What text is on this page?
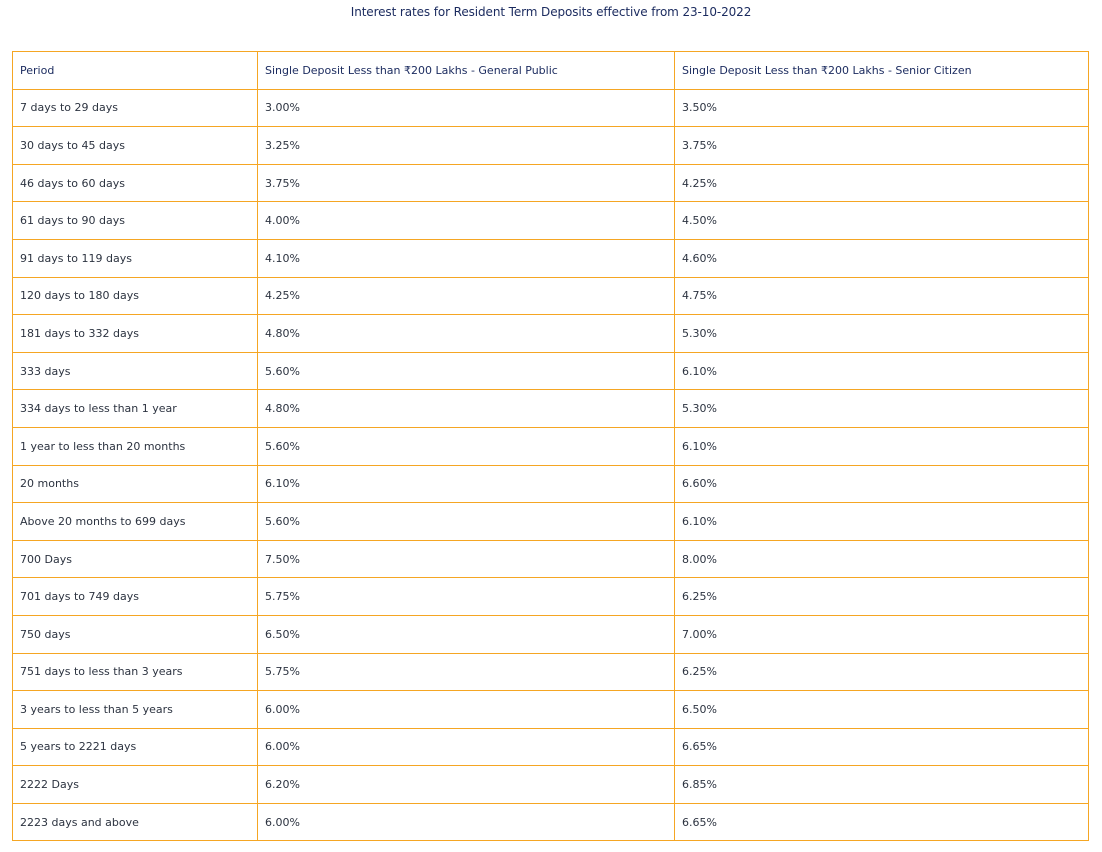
Interest rates for Resident Term Deposits effective from 23-10-2022
Period	Single Deposit Less than ₹200 Lakhs - General Public	Single Deposit Less than ₹200 Lakhs - Senior Citizen
7 days to 29 days	3.00%	3.50%
30 days to 45 days	3.25%	3.75%
46 days to 60 days	3.75%	4.25%
61 days to 90 days	4.00%	4.50%
91 days to 119 days	4.10%	4.60%
120 days to 180 days	4.25%	4.75%
181 days to 332 days	4.80%	5.30%
333 days	5.60%	6.10%
334 days to less than 1 year	4.80%	5.30%
1 year to less than 20 months	5.60%	6.10%
20 months	6.10%	6.60%
Above 20 months to 699 days	5.60%	6.10%
700 Days	7.50%	8.00%
701 days to 749 days	5.75%	6.25%
750 days	6.50%	7.00%
751 days to less than 3 years	5.75%	6.25%
3 years to less than 5 years	6.00%	6.50%
5 years to 2221 days	6.00%	6.65%
2222 Days	6.20%	6.85%
2223 days and above	6.00%	6.65%
